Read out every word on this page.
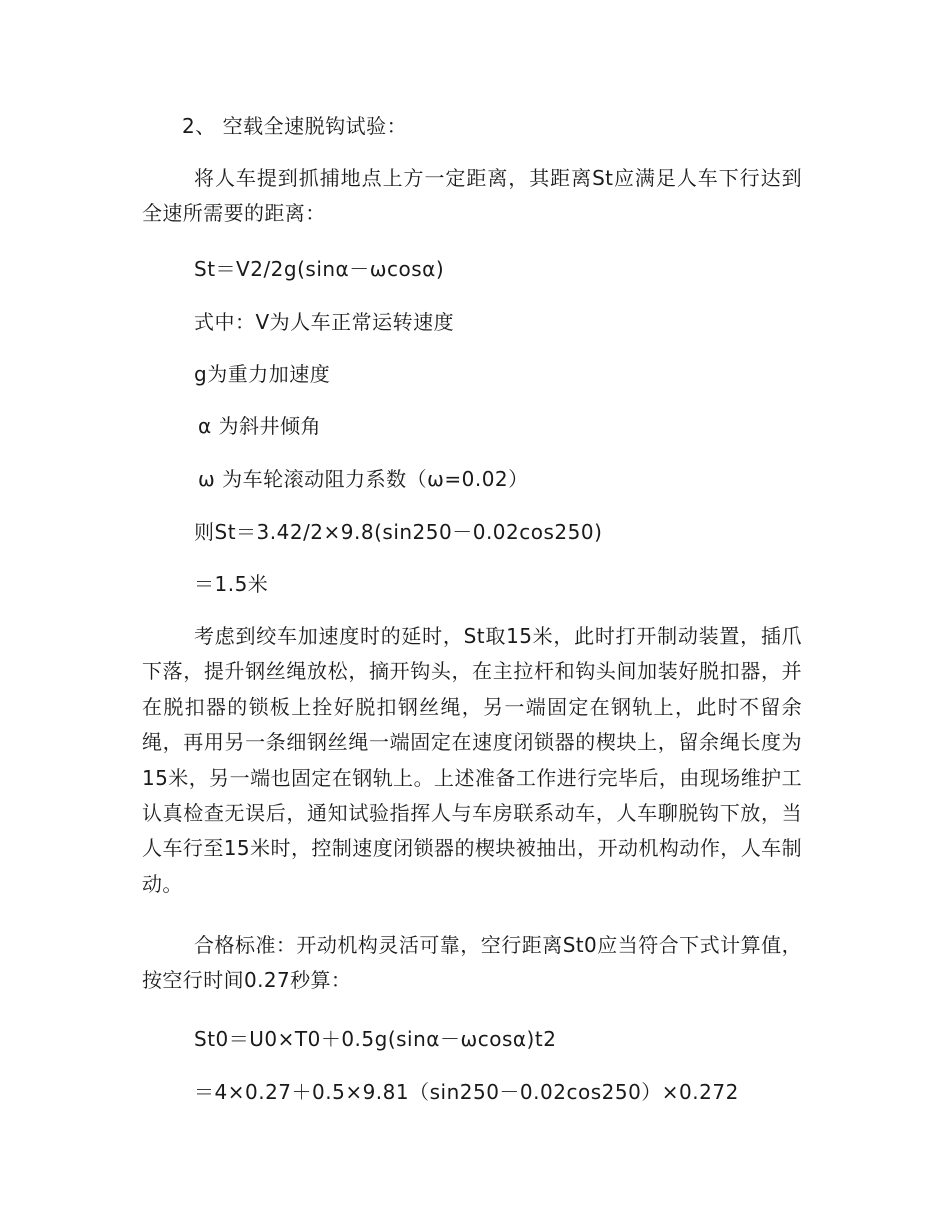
2、 空载全速脱钩试验：

将人车提到抓捕地点上方一定距离，其距离St应满足人车下行达到全速所需要的距离：

St＝V2/2g(sinα－ωcosα)
式中：V为人车正常运转速度
g为重力加速度
α 为斜井倾角
ω 为车轮滚动阻力系数（ω=0.02）
则St＝3.42/2×9.8(sin250－0.02cos250)
＝1.5米

考虑到绞车加速度时的延时，St取15米，此时打开制动装置，插爪下落，提升钢丝绳放松，摘开钩头，在主拉杆和钩头间加装好脱扣器，并在脱扣器的锁板上拴好脱扣钢丝绳，另一端固定在钢轨上，此时不留余绳，再用另一条细钢丝绳一端固定在速度闭锁器的楔块上，留余绳长度为15米，另一端也固定在钢轨上。上述准备工作进行完毕后，由现场维护工认真检查无误后，通知试验指挥人与车房联系动车，人车聊脱钩下放，当人车行至15米时，控制速度闭锁器的楔块被抽出，开动机构动作，人车制动。

合格标准：开动机构灵活可靠，空行距离St0应当符合下式计算值，按空行时间0.27秒算：

St0＝U0×T0＋0.5g(sinα－ωcosα)t2
＝4×0.27＋0.5×9.81（sin250－0.02cos250）×0.272
